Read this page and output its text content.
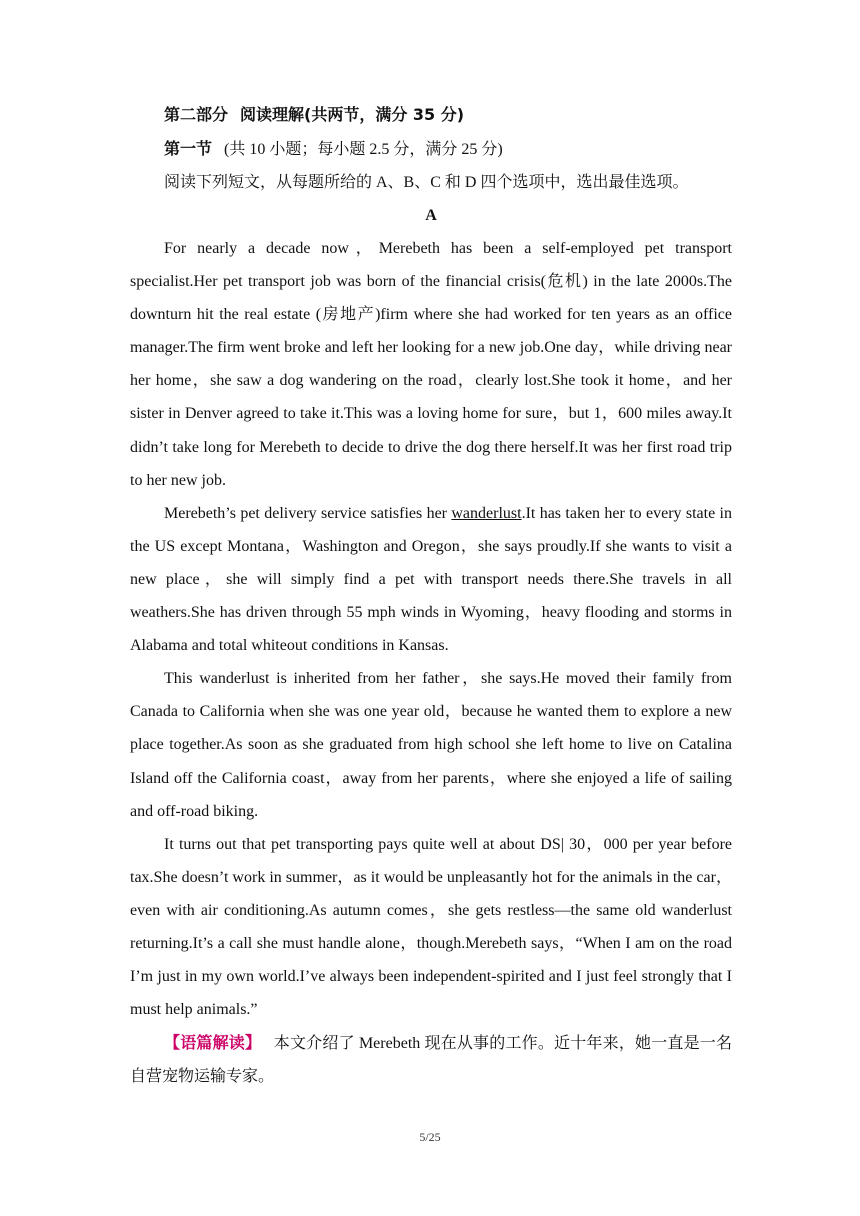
第二部分 阅读理解(共两节，满分 35 分)

第一节 (共 10 小题；每小题 2.5 分，满分 25 分)

阅读下列短文，从每题所给的 A、B、C 和 D 四个选项中，选出最佳选项。

A

For nearly a decade now，Merebeth has been a self-employed pet transport specialist.Her pet transport job was born of the financial crisis(危机) in the late 2000s.The downturn hit the real estate (房地产)firm where she had worked for ten years as an office manager.The firm went broke and left her looking for a new job.One day，while driving near her home，she saw a dog wandering on the road，clearly lost.She took it home，and her sister in Denver agreed to take it.This was a loving home for sure，but 1，600 miles away.It didn’t take long for Merebeth to decide to drive the dog there herself.It was her first road trip to her new job.

Merebeth’s pet delivery service satisfies her wanderlust.It has taken her to every state in the US except Montana，Washington and Oregon，she says proudly.If she wants to visit a new place，she will simply find a pet with transport needs there.She travels in all weathers.She has driven through 55 mph winds in Wyoming，heavy flooding and storms in Alabama and total whiteout conditions in Kansas.

This wanderlust is inherited from her father，she says.He moved their family from Canada to California when she was one year old，because he wanted them to explore a new place together.As soon as she graduated from high school she left home to live on Catalina Island off the California coast，away from her parents，where she enjoyed a life of sailing and off-road biking.

It turns out that pet transporting pays quite well at about DS| 30，000 per year before tax.She doesn’t work in summer，as it would be unpleasantly hot for the animals in the car，even with air conditioning.As autumn comes，she gets restless—the same old wanderlust returning.It’s a call she must handle alone，though.Merebeth says，“When I am on the road I’m just in my own world.I’ve always been independent-spirited and I just feel strongly that I must help animals.”

【语篇解读】 本文介绍了 Merebeth 现在从事的工作。近十年来，她一直是一名自营宠物运输专家。

5/25
